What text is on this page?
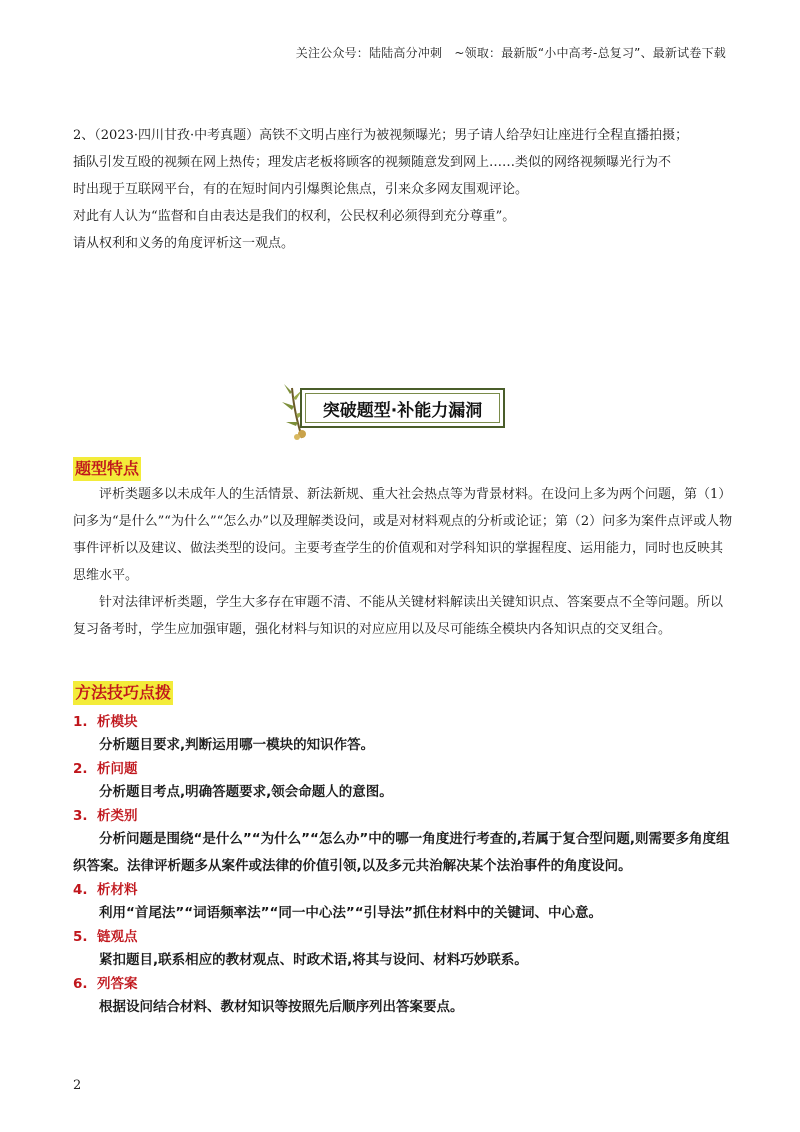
关注公众号：陆陆高分冲刺　~领取：最新版“小中高考-总复习”、最新试卷下载

2、（2023·四川甘孜·中考真题）高铁不文明占座行为被视频曝光；男子请人给孕妇让座进行全程直播拍摄；

插队引发互殴的视频在网上热传；理发店老板将顾客的视频随意发到网上……类似的网络视频曝光行为不

时出现于互联网平台，有的在短时间内引爆舆论焦点，引来众多网友围观评论。

对此有人认为“监督和自由表达是我们的权利，公民权利必须得到充分尊重”。

请从权利和义务的角度评析这一观点。

突破题型·补能力漏洞
题型特点

评析类题多以未成年人的生活情景、新法新规、重大社会热点等为背景材料。在设问上多为两个问题，第（1）问多为“是什么”“为什么”“怎么办”以及理解类设问，或是对材料观点的分析或论证；第（2）问多为案件点评或人物事件评析以及建议、做法类型的设问。主要考查学生的价值观和对学科知识的掌握程度、运用能力，同时也反映其思维水平。

针对法律评析类题，学生大多存在审题不清、不能从关键材料解读出关键知识点、答案要点不全等问题。所以复习备考时，学生应加强审题，强化材料与知识的对应应用以及尽可能练全模块内各知识点的交叉组合。

方法技巧点拨
1. 析模块
分析题目要求,判断运用哪一模块的知识作答。
2. 析问题
分析题目考点,明确答题要求,领会命题人的意图。
3. 析类别
分析问题是围绕“是什么”“为什么”“怎么办”中的哪一角度进行考查的,若属于复合型问题,则需要多角度组织答案。法律评析题多从案件或法律的价值引领,以及多元共治解决某个法治事件的角度设问。
4. 析材料
利用“首尾法”“词语频率法”“同一中心法”“引导法”抓住材料中的关键词、中心意。
5. 链观点
紧扣题目,联系相应的教材观点、时政术语,将其与设问、材料巧妙联系。
6. 列答案
根据设问结合材料、教材知识等按照先后顺序列出答案要点。
2
